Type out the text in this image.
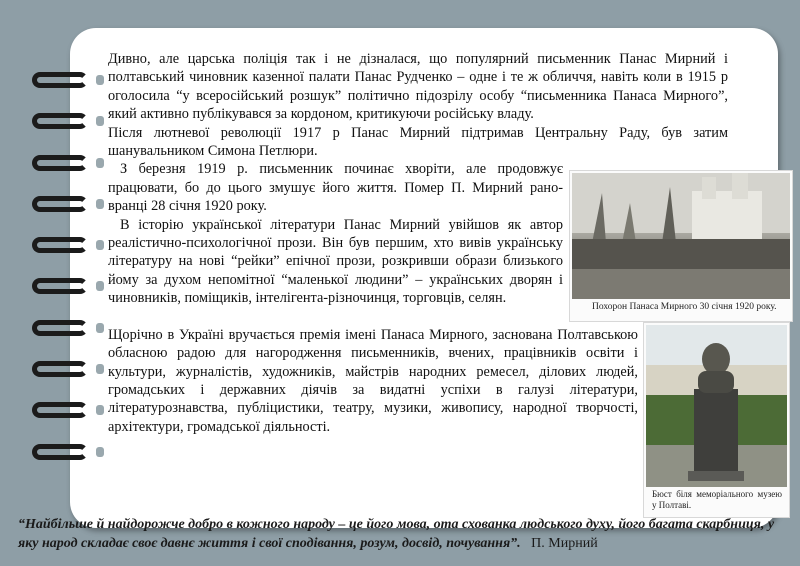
Дивно, але царська поліція так і не дізналася, що популярний письменник Панас Мирний і полтавський чиновник казенної палати Панас Рудченко – одне і те ж обличчя, навіть коли в 1915 р оголосила “у всеросійський розшук” політично підозрілу особу “письменника Панаса Мирного”, який активно публікувався за кордоном, критикуючи російську владу.

Після лютневої революції 1917 р Панас Мирний підтримав Центральну Раду, був затим шанувальником Симона Петлюри.

З березня 1919 р. письменник починає хворіти, але продовжує працювати, бо до цього змушує його життя. Помер П. Мирний рано-вранці 28 січня 1920 року.

В історію української літератури Панас Мирний увійшов як автор реалістично-психологічної прози. Він був першим, хто вивів українську літературу на нові “рейки” епічної прози, розкривши образи близького йому за духом непомітної “маленької людини” – українських дворян і чиновників, поміщиків, інтелігента-різночинця, торговців, селян.

Щорічно в Україні вручається премія імені Панаса Мирного, заснована Полтавською обласною радою для нагородження письменників, вчених, працівників освіти і культури, журналістів, художників, майстрів народних ремесел, ділових людей, громадських і державних діячів за видатні успіхи в галузі літератури, літературознавства, публіцистики, театру, музики, живопису, народної творчості, архітектури, громадської діяльності.

Похорон Панаса Мирного 30 січня 1920 року.
Бюст біля меморіального музею у Полтаві.
“Найбільше й найдорожче добро в кожного народу – це його мова, ота схованка людського духу, його багата скарбниця, у яку народ складає своє давнє життя і свої сподівання, розум, досвід, почування”. П. Мирний
